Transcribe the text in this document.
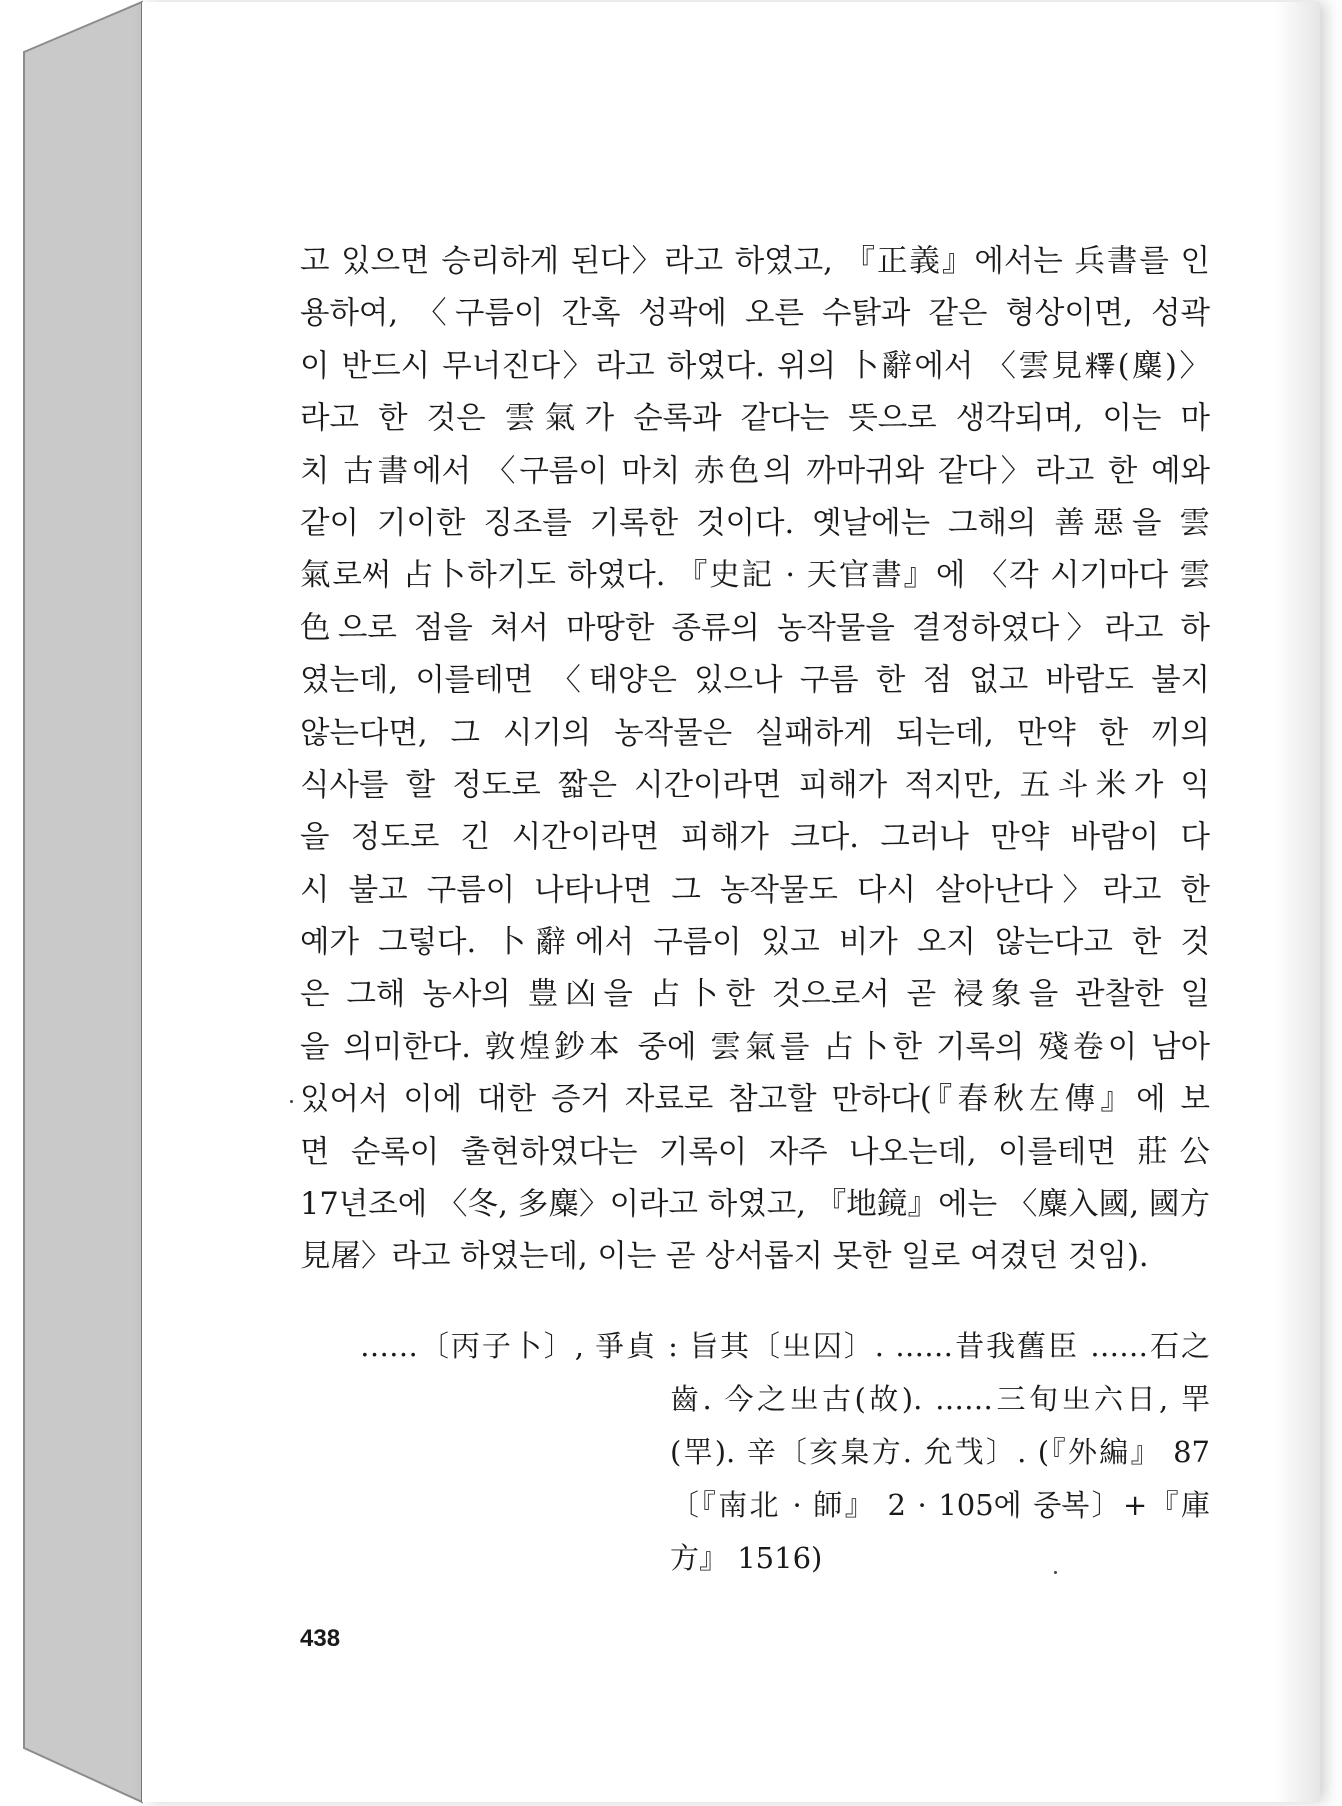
고 있으면 승리하게 된다〉라고 하였고, 『正義』에서는 兵書를 인
용하여, 〈구름이 간혹 성곽에 오른 수탉과 같은 형상이면, 성곽
이 반드시 무너진다〉라고 하였다. 위의 卜辭에서 〈雲見𥼶(麋)〉
라고 한 것은 雲氣가 순록과 같다는 뜻으로 생각되며, 이는 마
치 古書에서 〈구름이 마치 赤色의 까마귀와 같다〉라고 한 예와
같이 기이한 징조를 기록한 것이다. 옛날에는 그해의 善惡을 雲
氣로써 占卜하기도 하였다. 『史記 · 天官書』에 〈각 시기마다 雲
色으로 점을 쳐서 마땅한 종류의 농작물을 결정하였다〉라고 하
였는데, 이를테면 〈태양은 있으나 구름 한 점 없고 바람도 불지
않는다면, 그 시기의 농작물은 실패하게 되는데, 만약 한 끼의
식사를 할 정도로 짧은 시간이라면 피해가 적지만, 五斗米가 익
을 정도로 긴 시간이라면 피해가 크다. 그러나 만약 바람이 다
시 불고 구름이 나타나면 그 농작물도 다시 살아난다〉라고 한
예가 그렇다. 卜辭에서 구름이 있고 비가 오지 않는다고 한 것
은 그해 농사의 豊凶을 占卜한 것으로서 곧 祲象을 관찰한 일
을 의미한다. 敦煌鈔本 중에 雲氣를 占卜한 기록의 殘卷이 남아
있어서 이에 대한 증거 자료로 참고할 만하다(『春秋左傳』에 보
면 순록이 출현하였다는 기록이 자주 나오는데, 이를테면 莊公
17년조에 〈冬, 多麋〉이라고 하였고, 『地鏡』에는 〈麋入國, 國方
見屠〉라고 하였는데, 이는 곧 상서롭지 못한 일로 여겼던 것임).
……〔丙子卜〕, 爭貞 : 旨其〔㞢囚〕. ……昔我舊臣 ……石之
齒. 今之㞢古(故). ……三旬㞢六日, 䍐
(䍐). 辛〔亥臬方. 允𢦏〕. (『外編』 87
〔『南北 · 師』 2 · 105에 중복〕+『庫
方』 1516)
438
